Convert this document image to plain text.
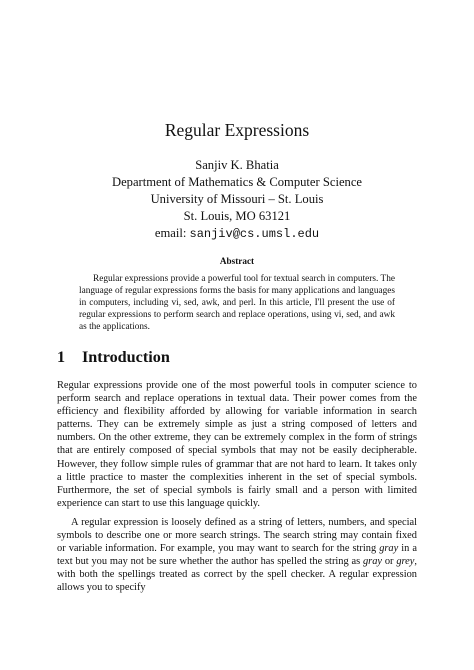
Regular Expressions
Sanjiv K. Bhatia
Department of Mathematics & Computer Science
University of Missouri – St. Louis
St. Louis, MO 63121
email: sanjiv@cs.umsl.edu
Abstract

Regular expressions provide a powerful tool for textual search in computers. The language of regular expressions forms the basis for many applications and languages in computers, including vi, sed, awk, and perl. In this article, I'll present the use of regular expressions to perform search and replace operations, using vi, sed, and awk as the applications.

1 Introduction

Regular expressions provide one of the most powerful tools in computer science to perform search and replace operations in textual data. Their power comes from the efficiency and flexibility afforded by allowing for variable information in search patterns. They can be extremely simple as just a string composed of letters and numbers. On the other extreme, they can be extremely complex in the form of strings that are entirely composed of special symbols that may not be easily decipherable. However, they follow simple rules of grammar that are not hard to learn. It takes only a little practice to master the complexities inherent in the set of special symbols. Furthermore, the set of special symbols is fairly small and a person with limited experience can start to use this language quickly.

A regular expression is loosely defined as a string of letters, numbers, and special symbols to describe one or more search strings. The search string may contain fixed or variable information. For example, you may want to search for the string gray in a text but you may not be sure whether the author has spelled the string as gray or grey, with both the spellings treated as correct by the spell checker. A regular expression allows you to specify
